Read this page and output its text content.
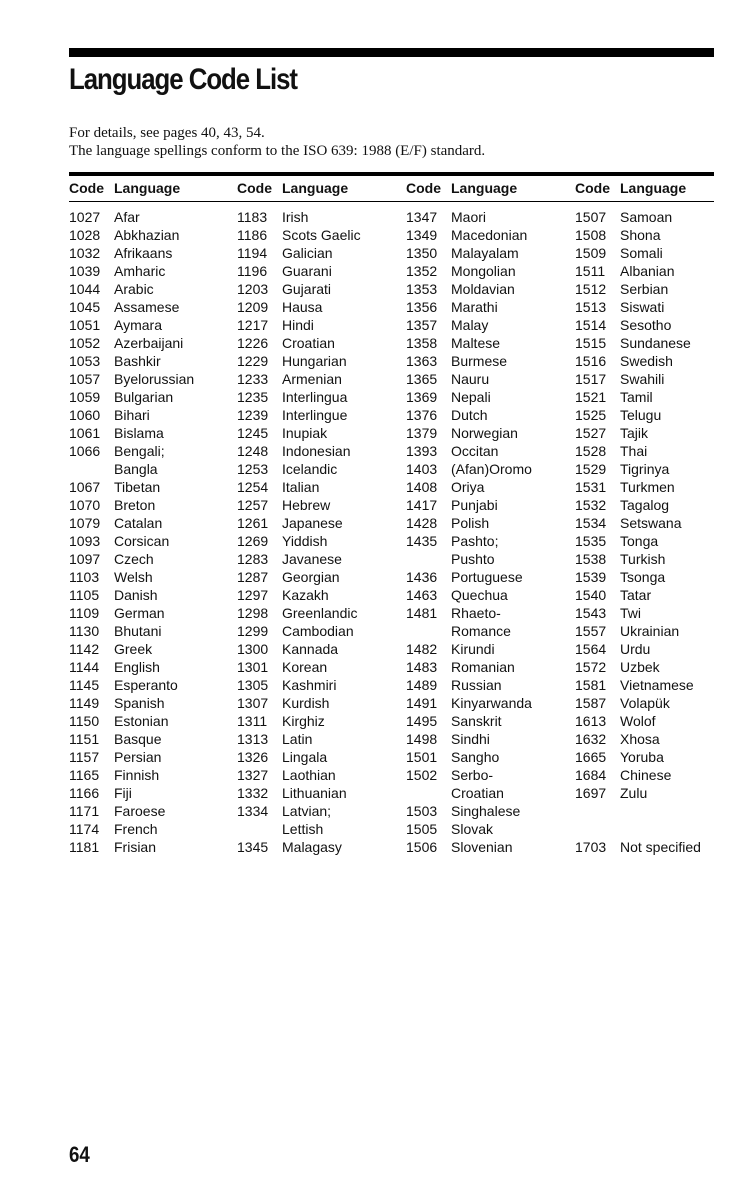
Language Code List
For details, see pages 40, 43, 54.
The language spellings conform to the ISO 639: 1988 (E/F) standard.
Code Language	Code Language	Code Language	Code Language
1027 Afar
1028 Abkhazian
1032 Afrikaans
1039 Amharic
1044 Arabic
1045 Assamese
1051 Aymara
1052 Azerbaijani
1053 Bashkir
1057 Byelorussian
1059 Bulgarian
1060 Bihari
1061 Bislama
1066 Bengali;
Bangla
1067 Tibetan
1070 Breton
1079 Catalan
1093 Corsican
1097 Czech
1103 Welsh
1105 Danish
1109 German
1130 Bhutani
1142 Greek
1144 English
1145 Esperanto
1149 Spanish
1150 Estonian
1151 Basque
1157 Persian
1165 Finnish
1166 Fiji
1171 Faroese
1174 French
1181 Frisian
1183 Irish
1186 Scots Gaelic
1194 Galician
1196 Guarani
1203 Gujarati
1209 Hausa
1217 Hindi
1226 Croatian
1229 Hungarian
1233 Armenian
1235 Interlingua
1239 Interlingue
1245 Inupiak
1248 Indonesian
1253 Icelandic
1254 Italian
1257 Hebrew
1261 Japanese
1269 Yiddish
1283 Javanese
1287 Georgian
1297 Kazakh
1298 Greenlandic
1299 Cambodian
1300 Kannada
1301 Korean
1305 Kashmiri
1307 Kurdish
1311 Kirghiz
1313 Latin
1326 Lingala
1327 Laothian
1332 Lithuanian
1334 Latvian;
Lettish
1345 Malagasy
1347 Maori
1349 Macedonian
1350 Malayalam
1352 Mongolian
1353 Moldavian
1356 Marathi
1357 Malay
1358 Maltese
1363 Burmese
1365 Nauru
1369 Nepali
1376 Dutch
1379 Norwegian
1393 Occitan
1403 (Afan)Oromo
1408 Oriya
1417 Punjabi
1428 Polish
1435 Pashto;
Pushto
1436 Portuguese
1463 Quechua
1481 Rhaeto-
Romance
1482 Kirundi
1483 Romanian
1489 Russian
1491 Kinyarwanda
1495 Sanskrit
1498 Sindhi
1501 Sangho
1502 Serbo-
Croatian
1503 Singhalese
1505 Slovak
1506 Slovenian
1507 Samoan
1508 Shona
1509 Somali
1511 Albanian
1512 Serbian
1513 Siswati
1514 Sesotho
1515 Sundanese
1516 Swedish
1517 Swahili
1521 Tamil
1525 Telugu
1527 Tajik
1528 Thai
1529 Tigrinya
1531 Turkmen
1532 Tagalog
1534 Setswana
1535 Tonga
1538 Turkish
1539 Tsonga
1540 Tatar
1543 Twi
1557 Ukrainian
1564 Urdu
1572 Uzbek
1581 Vietnamese
1587 Volapük
1613 Wolof
1632 Xhosa
1665 Yoruba
1684 Chinese
1697 Zulu
1703 Not specified
64
